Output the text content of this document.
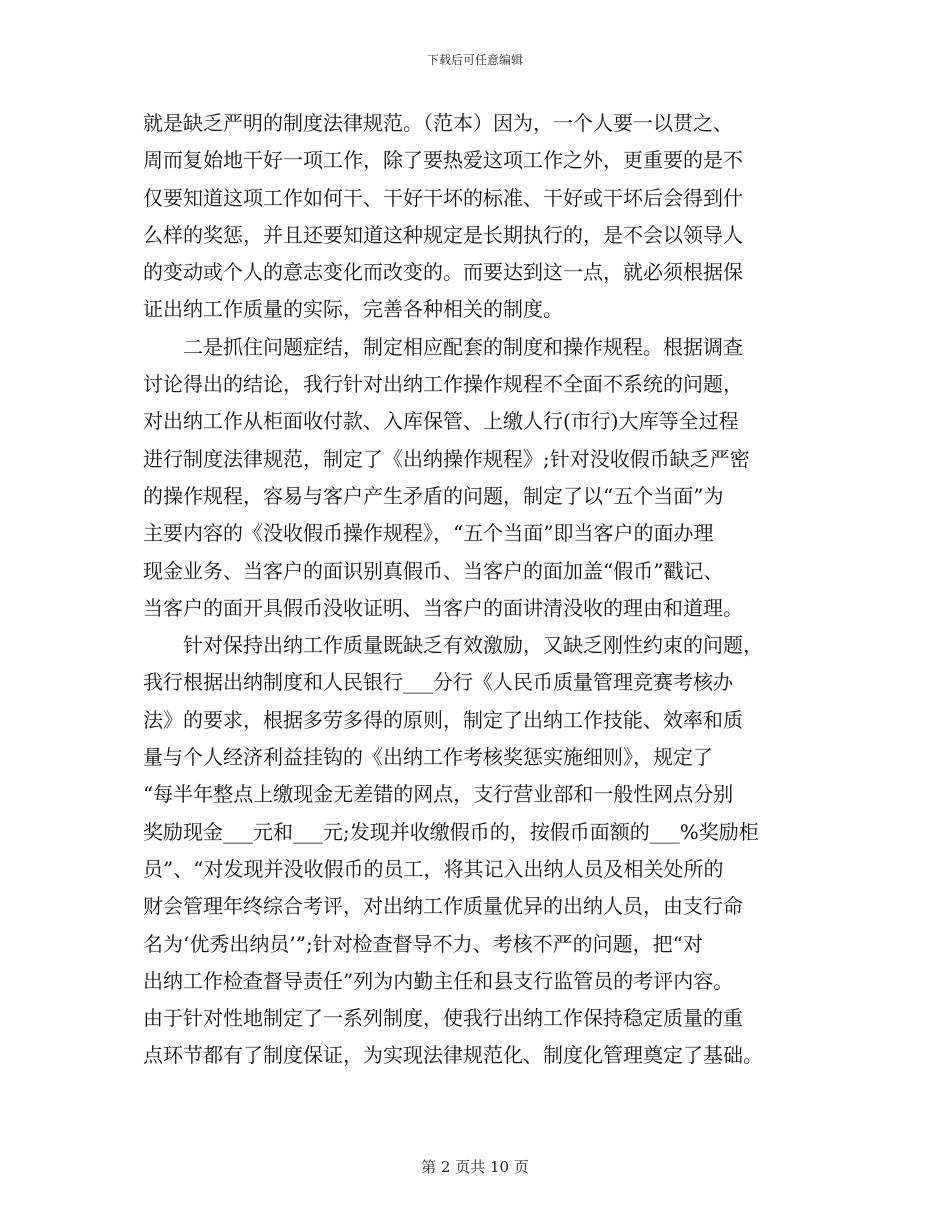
下载后可任意编辑
就是缺乏严明的制度法律规范。（范本）因为，一个人要一以贯之、
周而复始地干好一项工作，除了要热爱这项工作之外，更重要的是不
仅要知道这项工作如何干、干好干坏的标准、干好或干坏后会得到什
么样的奖惩，并且还要知道这种规定是长期执行的，是不会以领导人
的变动或个人的意志变化而改变的。而要达到这一点，就必须根据保
证出纳工作质量的实际，完善各种相关的制度。
　　二是抓住问题症结，制定相应配套的制度和操作规程。根据调查
讨论得出的结论，我行针对出纳工作操作规程不全面不系统的问题，
对出纳工作从柜面收付款、入库保管、上缴人行(市行)大库等全过程
进行制度法律规范，制定了《出纳操作规程》;针对没收假币缺乏严密
的操作规程，容易与客户产生矛盾的问题，制定了以“五个当面”为
主要内容的《没收假币操作规程》，“五个当面”即当客户的面办理
现金业务、当客户的面识别真假币、当客户的面加盖“假币”戳记、
当客户的面开具假币没收证明、当客户的面讲清没收的理由和道理。
　　针对保持出纳工作质量既缺乏有效激励，又缺乏刚性约束的问题，
我行根据出纳制度和人民银行___分行《人民币质量管理竞赛考核办
法》的要求，根据多劳多得的原则，制定了出纳工作技能、效率和质
量与个人经济利益挂钩的《出纳工作考核奖惩实施细则》，规定了
“每半年整点上缴现金无差错的网点，支行营业部和一般性网点分别
奖励现金___元和___元;发现并收缴假币的，按假币面额的___%奖励柜
员”、“对发现并没收假币的员工，将其记入出纳人员及相关处所的
财会管理年终综合考评，对出纳工作质量优异的出纳人员，由支行命
名为‘优秀出纳员’”;针对检查督导不力、考核不严的问题，把“对
出纳工作检查督导责任”列为内勤主任和县支行监管员的考评内容。
由于针对性地制定了一系列制度，使我行出纳工作保持稳定质量的重
点环节都有了制度保证，为实现法律规范化、制度化管理奠定了基础。
第 2 页共 10 页
